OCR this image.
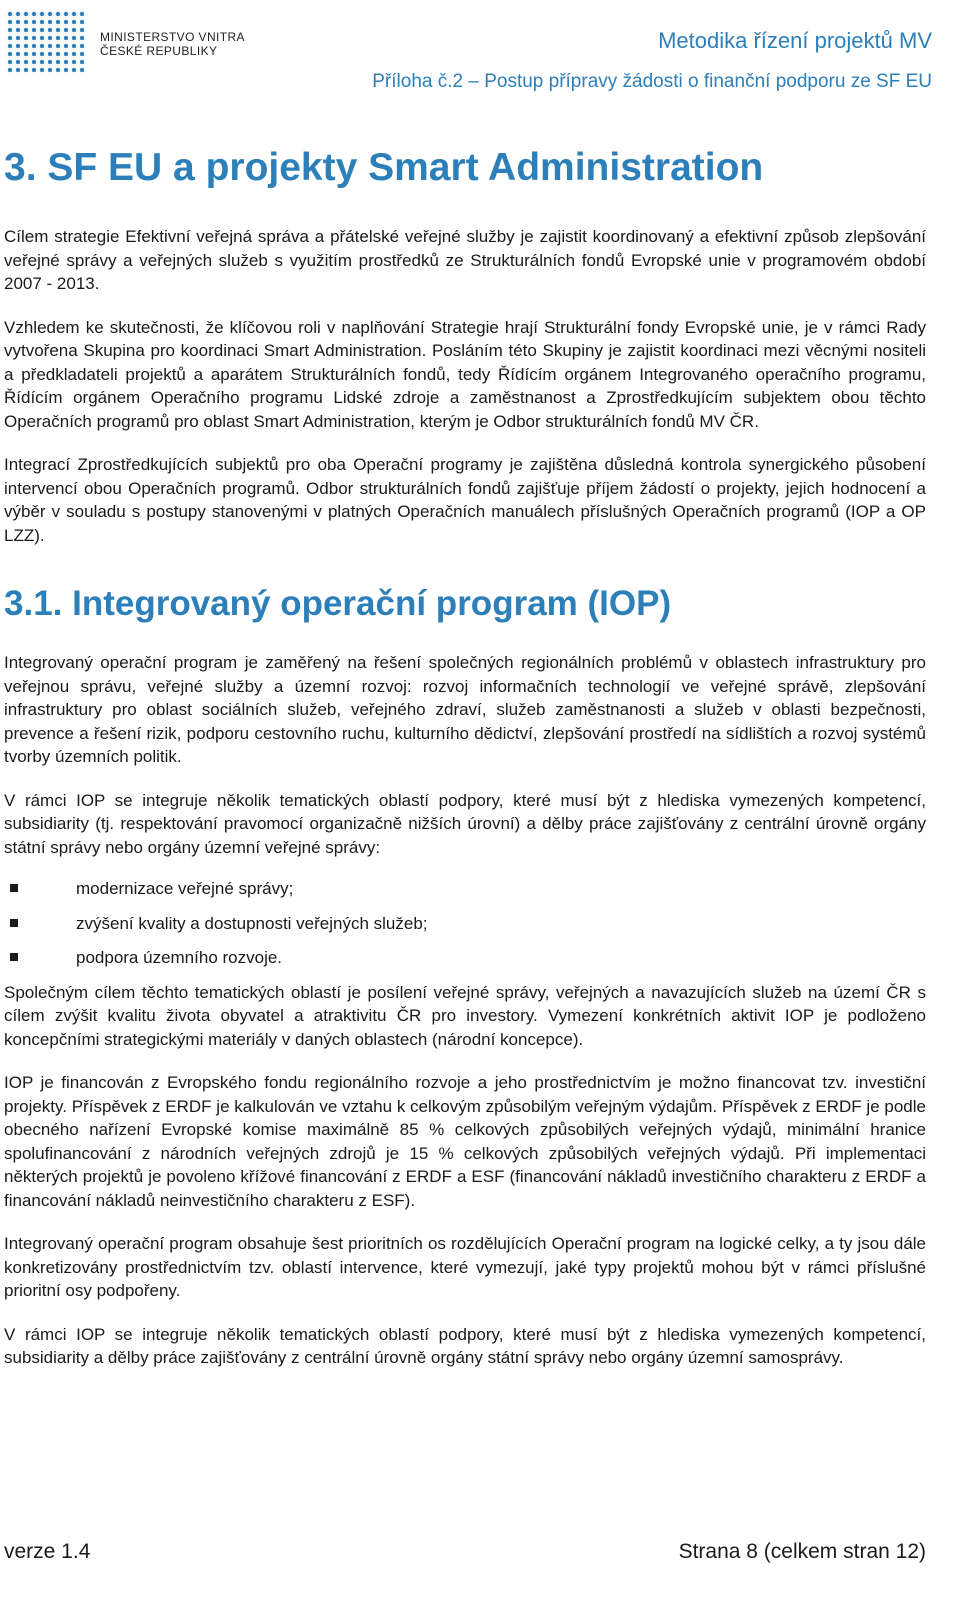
MINISTERSTVO VNITRA
ČESKÉ REPUBLIKY	Metodika řízení projektů MV
Příloha č.2 – Postup přípravy žádosti o finanční podporu ze SF EU
3. SF EU a projekty Smart Administration

Cílem strategie Efektivní veřejná správa a přátelské veřejné služby je zajistit koordinovaný a efektivní způsob zlepšování veřejné správy a veřejných služeb s využitím prostředků ze Strukturálních fondů Evropské unie v programovém období 2007 - 2013.

Vzhledem ke skutečnosti, že klíčovou roli v naplňování Strategie hrají Strukturální fondy Evropské unie, je v rámci Rady vytvořena Skupina pro koordinaci Smart Administration. Posláním této Skupiny je zajistit koordinaci mezi věcnými nositeli a předkladateli projektů a aparátem Strukturálních fondů, tedy Řídícím orgánem Integrovaného operačního programu, Řídícím orgánem Operačního programu Lidské zdroje a zaměstnanost a Zprostředkujícím subjektem obou těchto Operačních programů pro oblast Smart Administration, kterým je Odbor strukturálních fondů MV ČR.

Integrací Zprostředkujících subjektů pro oba Operační programy je zajištěna důsledná kontrola synergického působení intervencí obou Operačních programů. Odbor strukturálních fondů zajišťuje příjem žádostí o projekty, jejich hodnocení a výběr v souladu s postupy stanovenými v platných Operačních manuálech příslušných Operačních programů (IOP a OP LZZ).

3.1. Integrovaný operační program (IOP)

Integrovaný operační program je zaměřený na řešení společných regionálních problémů v oblastech infrastruktury pro veřejnou správu, veřejné služby a územní rozvoj: rozvoj informačních technologií ve veřejné správě, zlepšování infrastruktury pro oblast sociálních služeb, veřejného zdraví, služeb zaměstnanosti a služeb v oblasti bezpečnosti, prevence a řešení rizik, podporu cestovního ruchu, kulturního dědictví, zlepšování prostředí na sídlištích a rozvoj systémů tvorby územních politik.

V rámci IOP se integruje několik tematických oblastí podpory, které musí být z hlediska vymezených kompetencí, subsidiarity (tj. respektování pravomocí organizačně nižších úrovní) a dělby práce zajišťovány z centrální úrovně orgány státní správy nebo orgány územní veřejné správy:

modernizace veřejné správy;
zvýšení kvality a dostupnosti veřejných služeb;
podpora územního rozvoje.

Společným cílem těchto tematických oblastí je posílení veřejné správy, veřejných a navazujících služeb na území ČR s cílem zvýšit kvalitu života obyvatel a atraktivitu ČR pro investory. Vymezení konkrétních aktivit IOP je podloženo koncepčními strategickými materiály v daných oblastech (národní koncepce).

IOP je financován z Evropského fondu regionálního rozvoje a jeho prostřednictvím je možno financovat tzv. investiční projekty. Příspěvek z ERDF je kalkulován ve vztahu k celkovým způsobilým veřejným výdajům. Příspěvek z ERDF je podle obecného nařízení Evropské komise maximálně 85 % celkových způsobilých veřejných výdajů, minimální hranice spolufinancování z národních veřejných zdrojů je 15 % celkových způsobilých veřejných výdajů. Při implementaci některých projektů je povoleno křížové financování z ERDF a ESF (financování nákladů investičního charakteru z ERDF a financování nákladů neinvestičního charakteru z ESF).

Integrovaný operační program obsahuje šest prioritních os rozdělujících Operační program na logické celky, a ty jsou dále konkretizovány prostřednictvím tzv. oblastí intervence, které vymezují, jaké typy projektů mohou být v rámci příslušné prioritní osy podpořeny.

V rámci IOP se integruje několik tematických oblastí podpory, které musí být z hlediska vymezených kompetencí, subsidiarity a dělby práce zajišťovány z centrální úrovně orgány státní správy nebo orgány územní samosprávy.

verze 1.4	Strana 8 (celkem stran 12)
